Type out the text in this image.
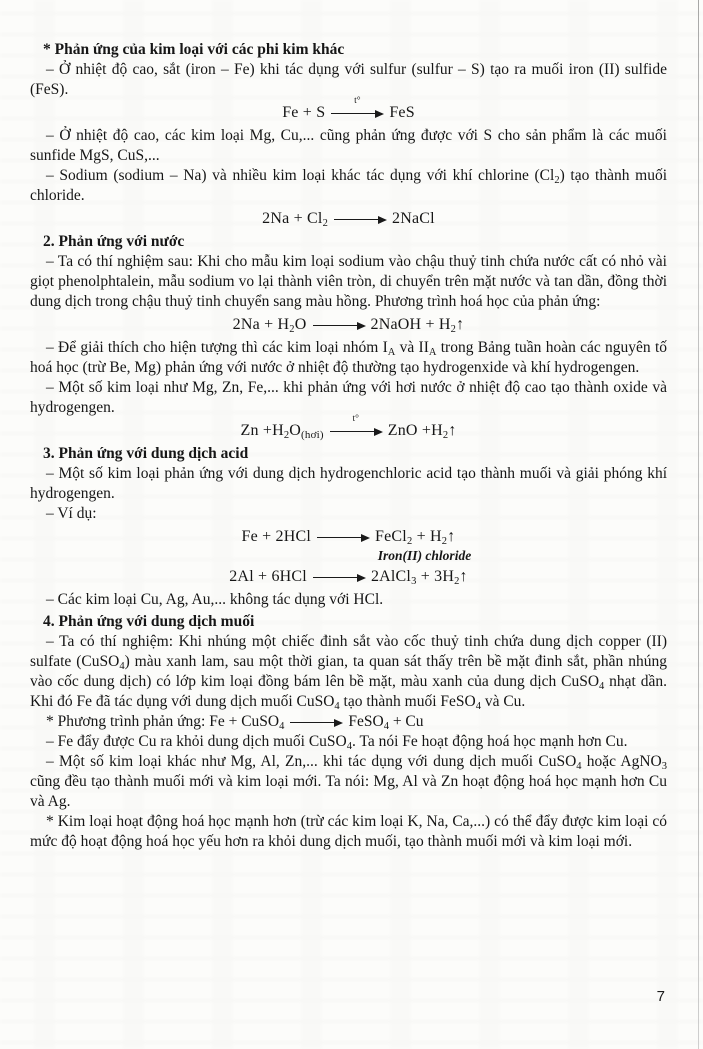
* Phản ứng của kim loại với các phi kim khác

– Ở nhiệt độ cao, sắt (iron – Fe) khi tác dụng với sulfur (sulfur – S) tạo ra muối iron (II) sulfide (FeS).

Fe + S
t°
FeS

– Ở nhiệt độ cao, các kim loại Mg, Cu,... cũng phản ứng được với S cho sản phẩm là các muối sunfide MgS, CuS,...

– Sodium (sodium – Na) và nhiều kim loại khác tác dụng với khí chlorine $(Cl_2)$ tạo thành muối chloride.

$2Na + Cl_2$	2NaCl

2. Phản ứng với nước

– Ta có thí nghiệm sau: Khi cho mẫu kim loại sodium vào chậu thuỷ tinh chứa nước cất có nhỏ vài giọt phenolphtalein, mẫu sodium vo lại thành viên tròn, di chuyển trên mặt nước và tan dần, đồng thời dung dịch trong chậu thuỷ tinh chuyển sang màu hồng. Phương trình hoá học của phản ứng:

$2Na + H_2O$	2NaOH + $H_2↑$

– Để giải thích cho hiện tượng thì các kim loại nhóm $I_A$ và $II_A$ trong Bảng tuần hoàn các nguyên tố hoá học (trừ Be, Mg) phản ứng với nước ở nhiệt độ thường tạo hydrogenxide và khí hydrogengen.

– Một số kim loại như Mg, Zn, Fe,... khi phản ứng với hơi nước ở nhiệt độ cao tạo thành oxide và hydrogengen.

$Zn +H_2O_{(hơi)}$
t°
ZnO $+H_2↑$

3. Phản ứng với dung dịch acid

– Một số kim loại phản ứng với dung dịch hydrogenchloric acid tạo thành muối và giải phóng khí hydrogengen.

– Ví dụ:

Fe + 2HCl	FeCl$_2$ + $H_2↑$

Iron(II) chloride

2Al + 6HCl	2AlCl$_3$ + $3H_2↑$

– Các kim loại Cu, Ag, Au,... không tác dụng với HCl.

4. Phản ứng với dung dịch muối

– Ta có thí nghiệm: Khi nhúng một chiếc đinh sắt vào cốc thuỷ tinh chứa dung dịch copper (II) sulfate (CuSO$_4$) màu xanh lam, sau một thời gian, ta quan sát thấy trên bề mặt đinh sắt, phần nhúng vào cốc dung dịch) có lớp kim loại đồng bám lên bề mặt, màu xanh của dung dịch CuSO$_4$ nhạt dần. Khi đó Fe đã tác dụng với dung dịch muối CuSO$_4$ tạo thành muối FeSO$_4$ và Cu.

* Phương trình phản ứng: Fe + CuSO$_4$	FeSO$_4$ + Cu

– Fe đẩy được Cu ra khỏi dung dịch muối CuSO$_4$. Ta nói Fe hoạt động hoá học mạnh hơn Cu.

– Một số kim loại khác như Mg, Al, Zn,... khi tác dụng với dung dịch muối CuSO$_4$ hoặc AgNO$_3$ cũng đều tạo thành muối mới và kim loại mới. Ta nói: Mg, Al và Zn hoạt động hoá học mạnh hơn Cu và Ag.

* Kim loại hoạt động hoá học mạnh hơn (trừ các kim loại K, Na, Ca,...) có thể đẩy được kim loại có mức độ hoạt động hoá học yếu hơn ra khỏi dung dịch muối, tạo thành muối mới và kim loại mới.

7
